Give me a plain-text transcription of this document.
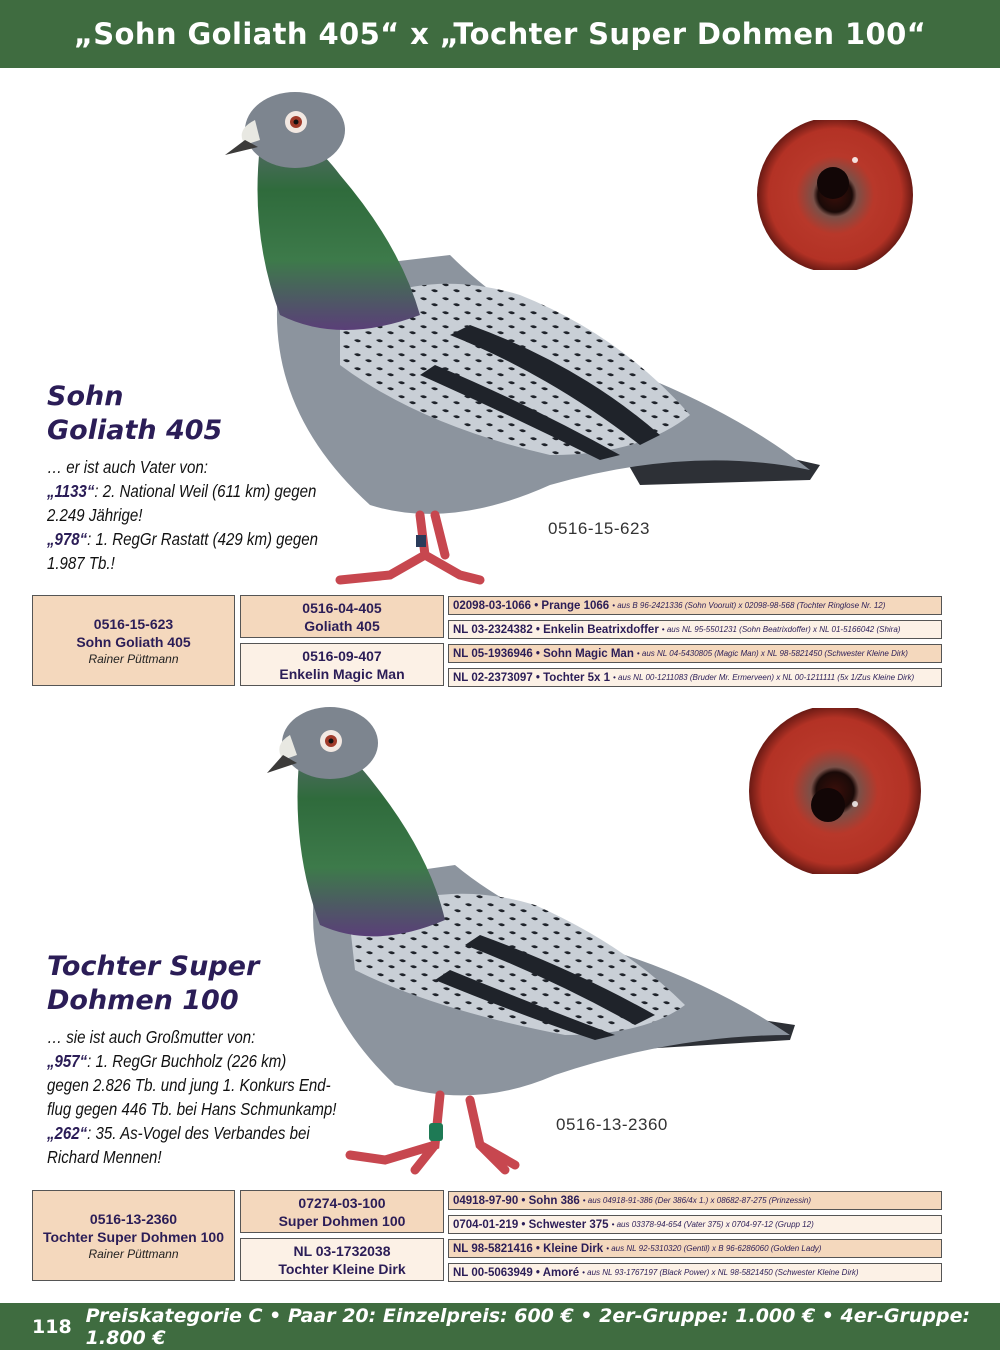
„Sohn Goliath 405“ x „Tochter Super Dohmen 100“
Sohn
Goliath 405
… er ist auch Vater von:
„1133“: 2. National Weil (611 km) gegen
2.249 Jährige!
„978“: 1. RegGr Rastatt (429 km) gegen
1.987 Tb.!
0516-15-623
0516-15-623
Sohn Goliath 405
Rainer Püttmann
0516-04-405
Goliath 405
0516-09-407
Enkelin Magic Man
02098-03-1066 • Prange 1066 • aus B 96-2421336 (Sohn Vooruit) x 02098-98-568 (Tochter Ringlose Nr. 12)
NL 03-2324382 • Enkelin Beatrixdoffer • aus NL 95-5501231 (Sohn Beatrixdoffer) x NL 01-5166042 (Shira)
NL 05-1936946 • Sohn Magic Man • aus NL 04-5430805 (Magic Man) x NL 98-5821450 (Schwester Kleine Dirk)
NL 02-2373097 • Tochter 5x 1 • aus NL 00-1211083 (Bruder Mr. Ermerveen) x NL 00-1211111 (5x 1/Zus Kleine Dirk)
Tochter Super
Dohmen 100
… sie ist auch Großmutter von:
„957“: 1. RegGr Buchholz (226 km)
gegen 2.826 Tb. und jung 1. Konkurs End-
flug gegen 446 Tb. bei Hans Schmunkamp!
„262“: 35. As-Vogel des Verbandes bei
Richard Mennen!
0516-13-2360
0516-13-2360
Tochter Super Dohmen 100
Rainer Püttmann
07274-03-100
Super Dohmen 100
NL 03-1732038
Tochter Kleine Dirk
04918-97-90 • Sohn 386 • aus 04918-91-386 (Der 386/4x 1.) x 08682-87-275 (Prinzessin)
0704-01-219 • Schwester 375 • aus 03378-94-654 (Vater 375) x 0704-97-12 (Grupp 12)
NL 98-5821416 • Kleine Dirk • aus NL 92-5310320 (Gentil) x B 96-6286060 (Golden Lady)
NL 00-5063949 • Amoré • aus NL 93-1767197 (Black Power) x NL 98-5821450 (Schwester Kleine Dirk)
118 Preiskategorie C • Paar 20: Einzelpreis: 600 € • 2er-Gruppe: 1.000 € • 4er-Gruppe: 1.800 €
